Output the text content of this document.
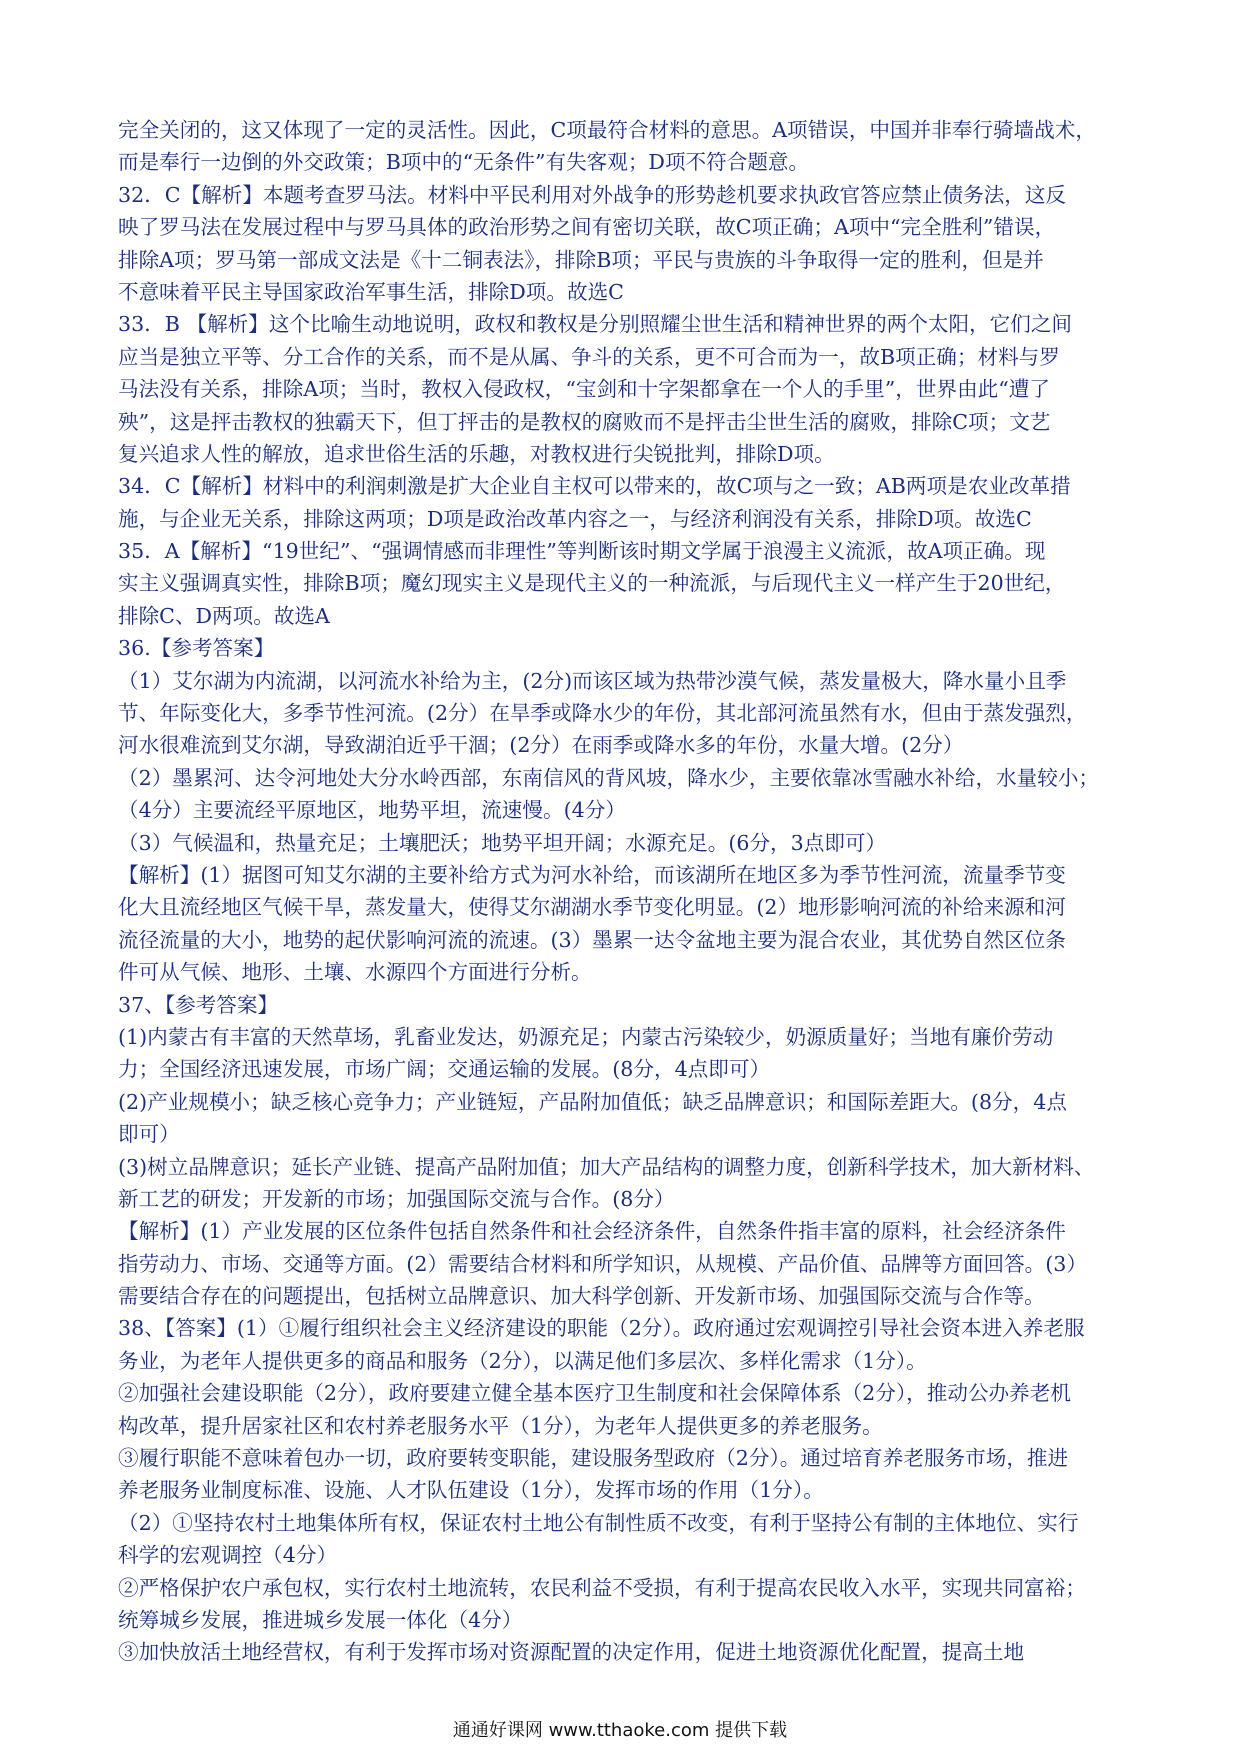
完全关闭的，这又体现了一定的灵活性。因此，C项最符合材料的意思。A项错误，中国并非奉行骑墙战术，
而是奉行一边倒的外交政策；B项中的“无条件”有失客观；D项不符合题意。
32．C【解析】本题考查罗马法。材料中平民利用对外战争的形势趁机要求执政官答应禁止债务法，这反
映了罗马法在发展过程中与罗马具体的政治形势之间有密切关联，故C项正确；A项中“完全胜利”错误，
排除A项；罗马第一部成文法是《十二铜表法》，排除B项；平民与贵族的斗争取得一定的胜利，但是并
不意味着平民主导国家政治军事生活，排除D项。故选C
33．B 【解析】这个比喻生动地说明，政权和教权是分别照耀尘世生活和精神世界的两个太阳，它们之间
应当是独立平等、分工合作的关系，而不是从属、争斗的关系，更不可合而为一，故B项正确；材料与罗
马法没有关系，排除A项；当时，教权入侵政权，“宝剑和十字架都拿在一个人的手里”，世界由此“遭了
殃”，这是抨击教权的独霸天下，但丁抨击的是教权的腐败而不是抨击尘世生活的腐败，排除C项；文艺
复兴追求人性的解放，追求世俗生活的乐趣，对教权进行尖锐批判，排除D项。
34．C【解析】材料中的利润刺激是扩大企业自主权可以带来的，故C项与之一致；AB两项是农业改革措
施，与企业无关系，排除这两项；D项是政治改革内容之一，与经济利润没有关系，排除D项。故选C
35．A【解析】“19世纪”、“强调情感而非理性”等判断该时期文学属于浪漫主义流派，故A项正确。现
实主义强调真实性，排除B项；魔幻现实主义是现代主义的一种流派，与后现代主义一样产生于20世纪，
排除C、D两项。故选A
36.【参考答案】
（1）艾尔湖为内流湖，以河流水补给为主，(2分)而该区域为热带沙漠气候，蒸发量极大，降水量小且季
节、年际变化大，多季节性河流。(2分）在旱季或降水少的年份，其北部河流虽然有水，但由于蒸发强烈，
河水很难流到艾尔湖，导致湖泊近乎干涸；(2分）在雨季或降水多的年份，水量大增。(2分）
（2）墨累河、达令河地处大分水岭西部，东南信风的背风坡，降水少，主要依靠冰雪融水补给，水量较小；
（4分）主要流经平原地区，地势平坦，流速慢。(4分）
（3）气候温和，热量充足；土壤肥沃；地势平坦开阔；水源充足。(6分，3点即可）
【解析】(1）据图可知艾尔湖的主要补给方式为河水补给，而该湖所在地区多为季节性河流，流量季节变
化大且流经地区气候干旱，蒸发量大，使得艾尔湖湖水季节变化明显。(2）地形影响河流的补给来源和河
流径流量的大小，地势的起伏影响河流的流速。(3）墨累一达令盆地主要为混合农业，其优势自然区位条
件可从气候、地形、土壤、水源四个方面进行分析。
37、【参考答案】
(1)内蒙古有丰富的天然草场，乳畜业发达，奶源充足；内蒙古污染较少，奶源质量好；当地有廉价劳动
力；全国经济迅速发展，市场广阔；交通运输的发展。(8分，4点即可）
(2)产业规模小；缺乏核心竞争力；产业链短，产品附加值低；缺乏品牌意识；和国际差距大。(8分，4点
即可）
(3)树立品牌意识；延长产业链、提高产品附加值；加大产品结构的调整力度，创新科学技术，加大新材料、
新工艺的研发；开发新的市场；加强国际交流与合作。(8分）
【解析】(1）产业发展的区位条件包括自然条件和社会经济条件，自然条件指丰富的原料，社会经济条件
指劳动力、市场、交通等方面。(2）需要结合材料和所学知识，从规模、产品价值、品牌等方面回答。(3）
需要结合存在的问题提出，包括树立品牌意识、加大科学创新、开发新市场、加强国际交流与合作等。
38、【答案】(1）①履行组织社会主义经济建设的职能（2分）。政府通过宏观调控引导社会资本进入养老服
务业，为老年人提供更多的商品和服务（2分），以满足他们多层次、多样化需求（1分）。
②加强社会建设职能（2分），政府要建立健全基本医疗卫生制度和社会保障体系（2分），推动公办养老机
构改革，提升居家社区和农村养老服务水平（1分），为老年人提供更多的养老服务。
③履行职能不意味着包办一切，政府要转变职能，建设服务型政府（2分）。通过培育养老服务市场，推进
养老服务业制度标准、设施、人才队伍建设（1分），发挥市场的作用（1分）。
（2）①坚持农村土地集体所有权，保证农村土地公有制性质不改变，有利于坚持公有制的主体地位、实行
科学的宏观调控（4分）
②严格保护农户承包权，实行农村土地流转，农民利益不受损，有利于提高农民收入水平，实现共同富裕；
统筹城乡发展，推进城乡发展一体化（4分）
③加快放活土地经营权，有利于发挥市场对资源配置的决定作用，促进土地资源优化配置，提高土地
通通好课网 www.tthaoke.com 提供下载
